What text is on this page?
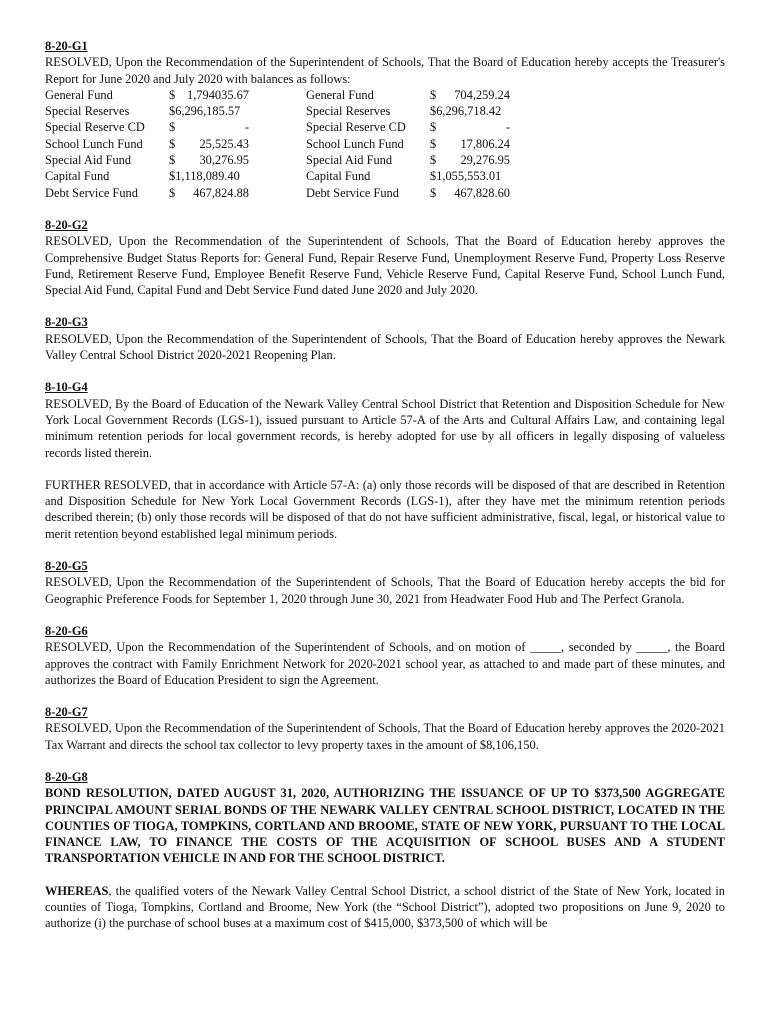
8-20-G1

RESOLVED, Upon the Recommendation of the Superintendent of Schools, That the Board of Education hereby accepts the Treasurer's Report for June 2020 and July 2020 with balances as follows:

General Fund	$ 1,794035.67	General Fund	$ 704,259.24

Special Reserves	$6,296,185.57	Special Reserves	$6,296,718.42

Special Reserve CD	$ -	Special Reserve CD	$ -

School Lunch Fund	$ 25,525.43	School Lunch Fund	$ 17,806.24

Special Aid Fund	$ 30,276.95	Special Aid Fund	$ 29,276.95

Capital Fund	$1,118,089.40	Capital Fund	$1,055,553.01

Debt Service Fund	$ 467,824.88	Debt Service Fund	$ 467,828.60

8-20-G2

RESOLVED, Upon the Recommendation of the Superintendent of Schools, That the Board of Education hereby approves the Comprehensive Budget Status Reports for: General Fund, Repair Reserve Fund, Unemployment Reserve Fund, Property Loss Reserve Fund, Retirement Reserve Fund, Employee Benefit Reserve Fund, Vehicle Reserve Fund, Capital Reserve Fund, School Lunch Fund, Special Aid Fund, Capital Fund and Debt Service Fund dated June 2020 and July 2020.

8-20-G3

RESOLVED, Upon the Recommendation of the Superintendent of Schools, That the Board of Education hereby approves the Newark Valley Central School District 2020-2021 Reopening Plan.

8-10-G4

RESOLVED, By the Board of Education of the Newark Valley Central School District that Retention and Disposition Schedule for New York Local Government Records (LGS-1), issued pursuant to Article 57-A of the Arts and Cultural Affairs Law, and containing legal minimum retention periods for local government records, is hereby adopted for use by all officers in legally disposing of valueless records listed therein.

FURTHER RESOLVED, that in accordance with Article 57-A: (a) only those records will be disposed of that are described in Retention and Disposition Schedule for New York Local Government Records (LGS-1), after they have met the minimum retention periods described therein; (b) only those records will be disposed of that do not have sufficient administrative, fiscal, legal, or historical value to merit retention beyond established legal minimum periods.

8-20-G5

RESOLVED, Upon the Recommendation of the Superintendent of Schools, That the Board of Education hereby accepts the bid for Geographic Preference Foods for September 1, 2020 through June 30, 2021 from Headwater Food Hub and The Perfect Granola.

8-20-G6

RESOLVED, Upon the Recommendation of the Superintendent of Schools, and on motion of _____, seconded by _____, the Board approves the contract with Family Enrichment Network for 2020-2021 school year, as attached to and made part of these minutes, and authorizes the Board of Education President to sign the Agreement.

8-20-G7

RESOLVED, Upon the Recommendation of the Superintendent of Schools, That the Board of Education hereby approves the 2020-2021 Tax Warrant and directs the school tax collector to levy property taxes in the amount of $8,106,150.

8-20-G8

BOND RESOLUTION, DATED AUGUST 31, 2020, AUTHORIZING THE ISSUANCE OF UP TO $373,500 AGGREGATE PRINCIPAL AMOUNT SERIAL BONDS OF THE NEWARK VALLEY CENTRAL SCHOOL DISTRICT, LOCATED IN THE COUNTIES OF TIOGA, TOMPKINS, CORTLAND AND BROOME, STATE OF NEW YORK, PURSUANT TO THE LOCAL FINANCE LAW, TO FINANCE THE COSTS OF THE ACQUISITION OF SCHOOL BUSES AND A STUDENT TRANSPORTATION VEHICLE IN AND FOR THE SCHOOL DISTRICT.

WHEREAS, the qualified voters of the Newark Valley Central School District, a school district of the State of New York, located in counties of Tioga, Tompkins, Cortland and Broome, New York (the “School District”), adopted two propositions on June 9, 2020 to authorize (i) the purchase of school buses at a maximum cost of $415,000, $373,500 of which will be
